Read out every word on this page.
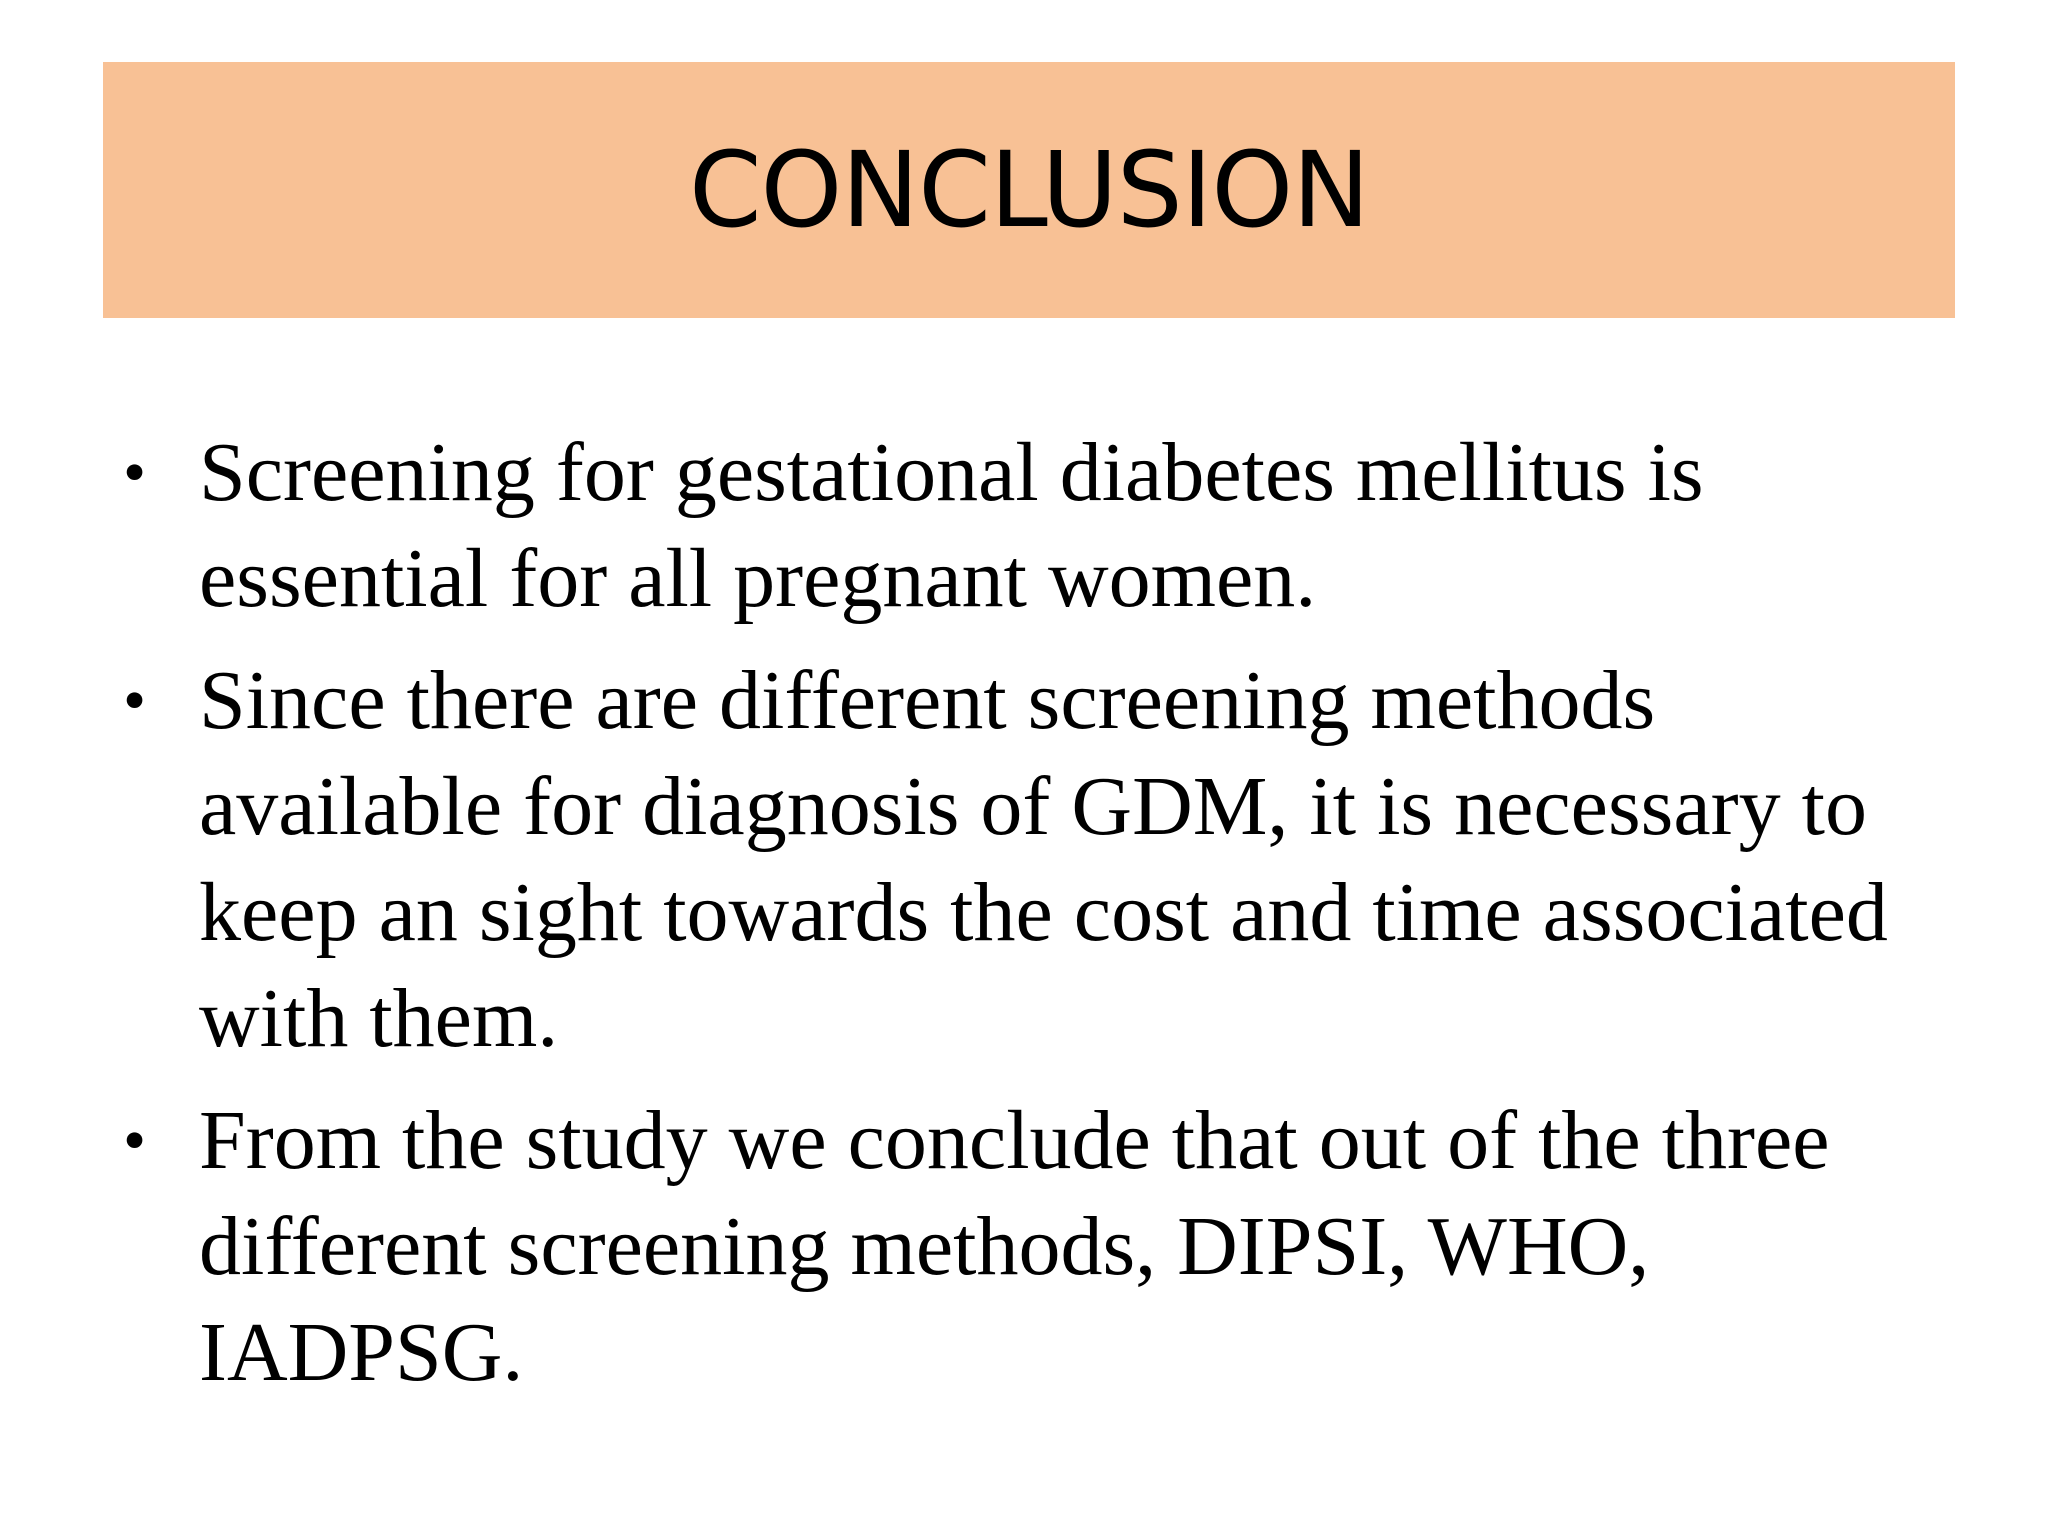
CONCLUSION
• Screening for gestational diabetes mellitus is essential for all pregnant women.
• Since there are different screening methods available for diagnosis of GDM, it is necessary to keep an sight towards the cost and time associated with them.
• From the study we conclude that out of the three different screening methods, DIPSI, WHO, IADPSG.
